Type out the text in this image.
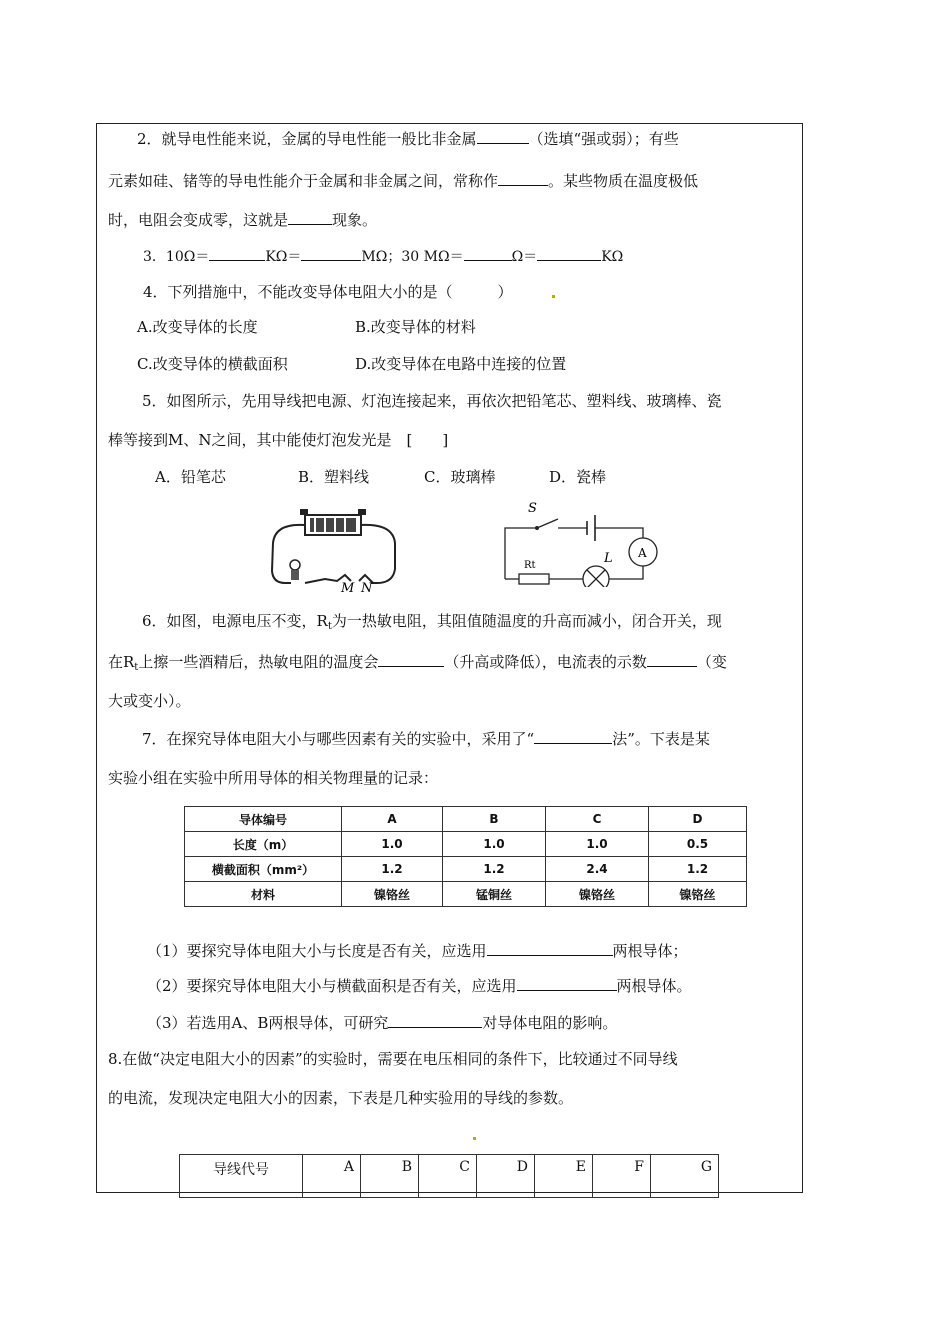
2．就导电性能来说，金属的导电性能一般比非金属	（选填“强或弱）；有些
元素如硅、锗等的导电性能介于金属和非金属之间，常称作	。某些物质在温度极低
时，电阻会变成零，这就是	现象。
3．10Ω＝	KΩ＝	MΩ；30 MΩ＝	Ω＝	KΩ
4．下列措施中，不能改变导体电阻大小的是（　　　）
A.改变导体的长度	B.改变导体的材料
C.改变导体的横截面积	D.改变导体在电路中连接的位置
5．如图所示，先用导线把电源、灯泡连接起来，再依次把铅笔芯、塑料线、玻璃棒、瓷
棒等接到M、N之间，其中能使灯泡发光是　[　　]
A．铅笔芯	B．塑料线	C．玻璃棒	D．瓷棒
M N
A
Rt
S
L
6．如图，电源电压不变，$R_t$为一热敏电阻，其阻值随温度的升高而减小，闭合开关，现
在$R_t$上擦一些酒精后，热敏电阻的温度会	（升高或降低），电流表的示数	（变
大或变小）。
7．在探究导体电阻大小与哪些因素有关的实验中，采用了“	法”。下表是某
实验小组在实验中所用导体的相关物理量的记录：
导体编号	A	B	C	D
长度（m）	1.0	1.0	1.0	0.5
横截面积（mm²）	1.2	1.2	2.4	1.2
材料	镍铬丝	锰铜丝	镍铬丝	镍铬丝
（1）要探究导体电阻大小与长度是否有关，应选用	两根导体；
（2）要探究导体电阻大小与横截面积是否有关，应选用	两根导体。
（3）若选用A、B两根导体，可研究	对导体电阻的影响。
8.在做“决定电阻大小的因素”的实验时，需要在电压相同的条件下，比较通过不同导线
的电流，发现决定电阻大小的因素，下表是几种实验用的导线的参数。
导线代号	A	B	C	D	E	F	G
